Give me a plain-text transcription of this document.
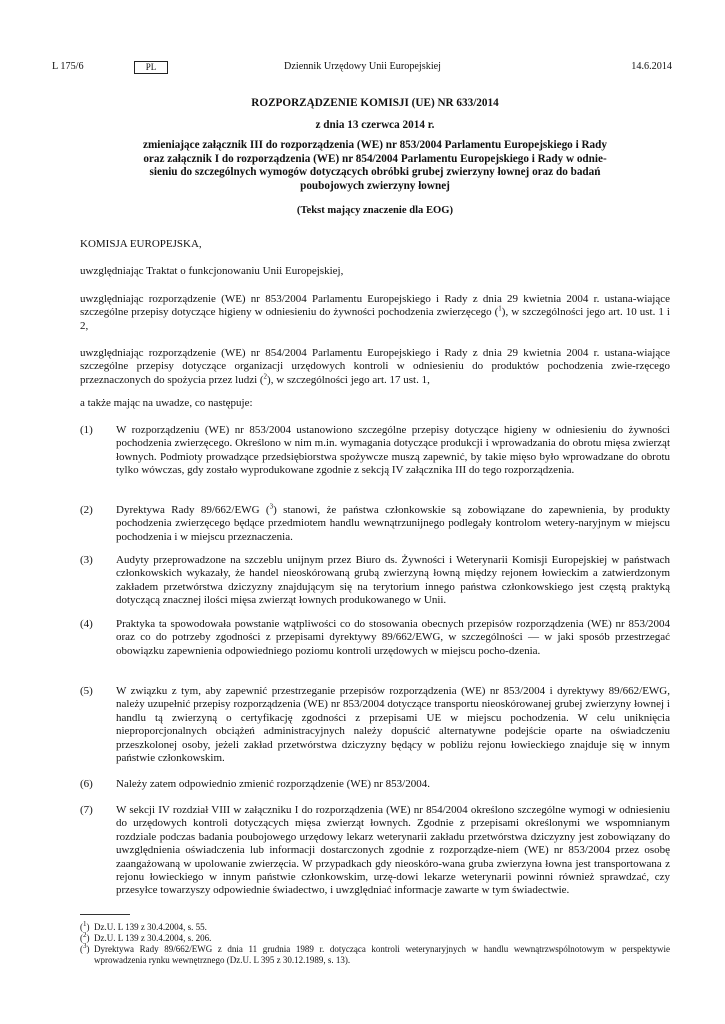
L 175/6	PL	Dziennik Urzędowy Unii Europejskiej	14.6.2014
ROZPORZĄDZENIE KOMISJI (UE) NR 633/2014
z dnia 13 czerwca 2014 r.
zmieniające załącznik III do rozporządzenia (WE) nr 853/2004 Parlamentu Europejskiego i Rady
oraz załącznik I do rozporządzenia (WE) nr 854/2004 Parlamentu Europejskiego i Rady w odnie-
sieniu do szczególnych wymogów dotyczących obróbki grubej zwierzyny łownej oraz do badań
poubojowych zwierzyny łownej
(Tekst mający znaczenie dla EOG)
KOMISJA EUROPEJSKA,
uwzględniając Traktat o funkcjonowaniu Unii Europejskiej,
uwzględniając rozporządzenie (WE) nr 853/2004 Parlamentu Europejskiego i Rady z dnia 29 kwietnia 2004 r. ustana-wiające szczególne przepisy dotyczące higieny w odniesieniu do żywności pochodzenia zwierzęcego ($^1$), w szczególności jego art. 10 ust. 1 i 2,
uwzględniając rozporządzenie (WE) nr 854/2004 Parlamentu Europejskiego i Rady z dnia 29 kwietnia 2004 r. ustana-wiające szczególne przepisy dotyczące organizacji urzędowych kontroli w odniesieniu do produktów pochodzenia zwie-rzęcego przeznaczonych do spożycia przez ludzi ($^2$), w szczególności jego art. 17 ust. 1,
a także mając na uwadze, co następuje:
(1)	W rozporządzeniu (WE) nr 853/2004 ustanowiono szczególne przepisy dotyczące higieny w odniesieniu do żywności pochodzenia zwierzęcego. Określono w nim m.in. wymagania dotyczące produkcji i wprowadzania do obrotu mięsa zwierząt łownych. Podmioty prowadzące przedsiębiorstwa spożywcze muszą zapewnić, by takie mięso było wprowadzane do obrotu tylko wówczas, gdy zostało wyprodukowane zgodnie z sekcją IV załącznika III do tego rozporządzenia.
(2)	Dyrektywa Rady 89/662/EWG ($^3$) stanowi, że państwa członkowskie są zobowiązane do zapewnienia, by produkty pochodzenia zwierzęcego będące przedmiotem handlu wewnątrzunijnego podlegały kontrolom wetery-naryjnym w miejscu pochodzenia i w miejscu przeznaczenia.
(3)	Audyty przeprowadzone na szczeblu unijnym przez Biuro ds. Żywności i Weterynarii Komisji Europejskiej w państwach członkowskich wykazały, że handel nieoskórowaną grubą zwierzyną łowną między rejonem łowieckim a zatwierdzonym zakładem przetwórstwa dziczyzny znajdującym się na terytorium innego państwa członkowskiego jest częstą praktyką dotyczącą znacznej ilości mięsa zwierząt łownych produkowanego w Unii.
(4)	Praktyka ta spowodowała powstanie wątpliwości co do stosowania obecnych przepisów rozporządzenia (WE) nr 853/2004 oraz co do potrzeby zgodności z przepisami dyrektywy 89/662/EWG, w szczególności — w jaki sposób przestrzegać obowiązku zapewnienia odpowiedniego poziomu kontroli urzędowych w miejscu pocho-dzenia.
(5)	W związku z tym, aby zapewnić przestrzeganie przepisów rozporządzenia (WE) nr 853/2004 i dyrektywy 89/662/EWG, należy uzupełnić przepisy rozporządzenia (WE) nr 853/2004 dotyczące transportu nieoskórowanej grubej zwierzyny łownej i handlu tą zwierzyną o certyfikację zgodności z przepisami UE w miejscu pochodzenia. W celu uniknięcia nieproporcjonalnych obciążeń administracyjnych należy dopuścić alternatywne podejście oparte na oświadczeniu przeszkolonej osoby, jeżeli zakład przetwórstwa dziczyzny będący w pobliżu rejonu łowieckiego znajduje się w innym państwie członkowskim.
(6)	Należy zatem odpowiednio zmienić rozporządzenie (WE) nr 853/2004.
(7)	W sekcji IV rozdział VIII w załączniku I do rozporządzenia (WE) nr 854/2004 określono szczególne wymogi w odniesieniu do urzędowych kontroli dotyczących mięsa zwierząt łownych. Zgodnie z przepisami określonymi we wspomnianym rozdziale podczas badania poubojowego urzędowy lekarz weterynarii zakładu przetwórstwa dziczyzny jest zobowiązany do uwzględnienia oświadczenia lub informacji dostarczonych zgodnie z rozporządze-niem (WE) nr 853/2004 przez osobę zaangażowaną w upolowanie zwierzęcia. W przypadkach gdy nieoskóro-wana gruba zwierzyna łowna jest transportowana z rejonu łowieckiego w innym państwie członkowskim, urzę-dowi lekarze weterynarii powinni również sprawdzać, czy przesyłce towarzyszy odpowiednie świadectwo, i uwzględniać informacje zawarte w tym świadectwie.
($^1$) Dz.U. L 139 z 30.4.2004, s. 55.
($^2$) Dz.U. L 139 z 30.4.2004, s. 206.
($^3$) Dyrektywa Rady 89/662/EWG z dnia 11 grudnia 1989 r. dotycząca kontroli weterynaryjnych w handlu wewnątrzwspólnotowym w perspektywie wprowadzenia rynku wewnętrznego (Dz.U. L 395 z 30.12.1989, s. 13).
